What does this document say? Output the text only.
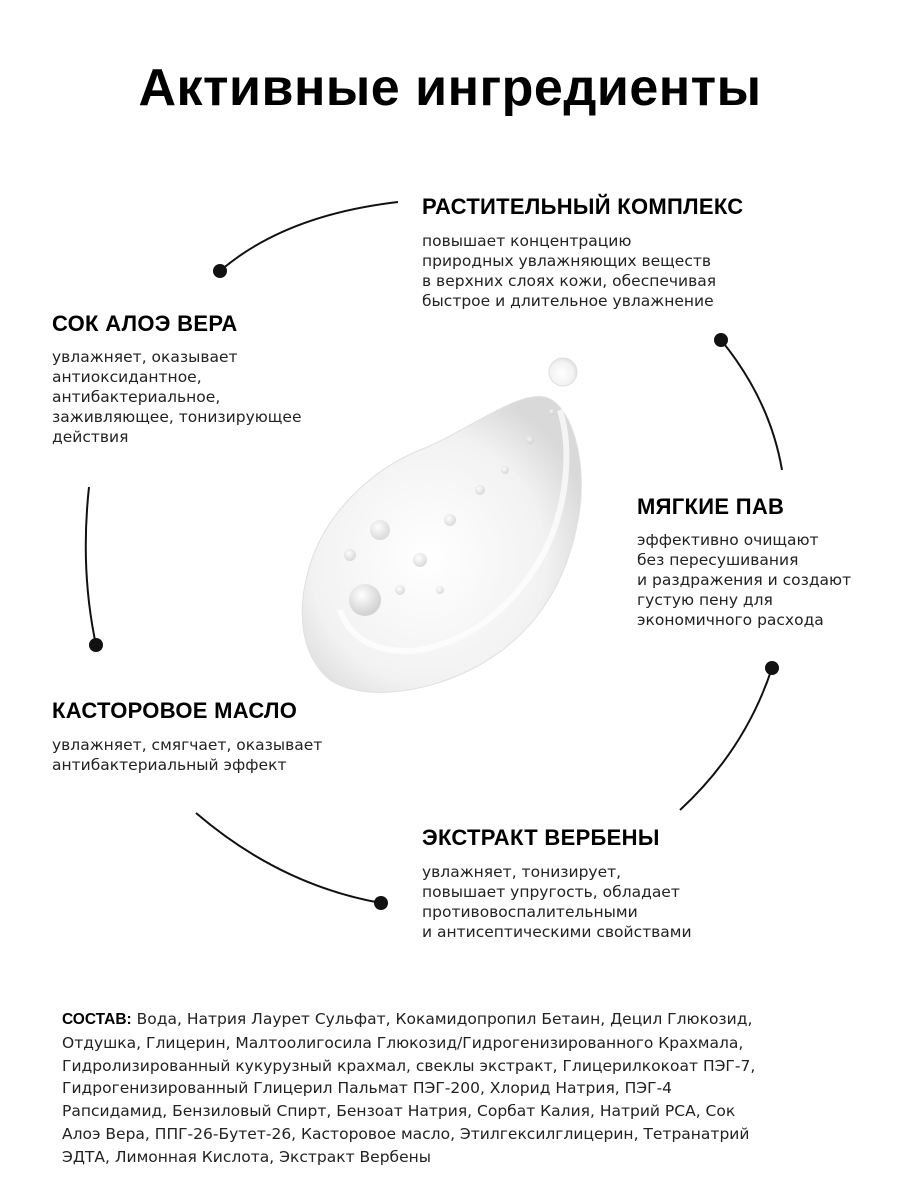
Активные ингредиенты
РАСТИТЕЛЬНЫЙ КОМПЛЕКС
повышает концентрацию
природных увлажняющих веществ
в верхних слоях кожи, обеспечивая
быстрое и длительное увлажнение
СОК АЛОЭ ВЕРА
увлажняет, оказывает
антиоксидантное,
антибактериальное,
заживляющее, тонизирующее
действия
МЯГКИЕ ПАВ
эффективно очищают
без пересушивания
и раздражения и создают
густую пену для
экономичного расхода
КАСТОРОВОЕ МАСЛО
увлажняет, смягчает, оказывает
антибактериальный эффект
ЭКСТРАКТ ВЕРБЕНЫ
увлажняет, тонизирует,
повышает упругость, обладает
противовоспалительными
и антисептическими свойствами
СОСТАВ: Вода, Натрия Лаурет Сульфат, Кокамидопропил Бетаин, Децил Глюкозид,
Отдушка, Глицерин, Малтоолигосила Глюкозид/Гидрогенизированного Крахмала,
Гидролизированный кукурузный крахмал, свеклы экстракт, Глицерилкокоат ПЭГ-7,
Гидрогенизированный Глицерил Пальмат ПЭГ-200, Хлорид Натрия, ПЭГ-4
Рапсидамид, Бензиловый Спирт, Бензоат Натрия, Сорбат Калия, Натрий PCA, Сок
Алоэ Вера, ППГ-26-Бутет-26, Касторовое масло, Этилгексилглицерин, Тетранатрий
ЭДТА, Лимонная Кислота, Экстракт Вербены
